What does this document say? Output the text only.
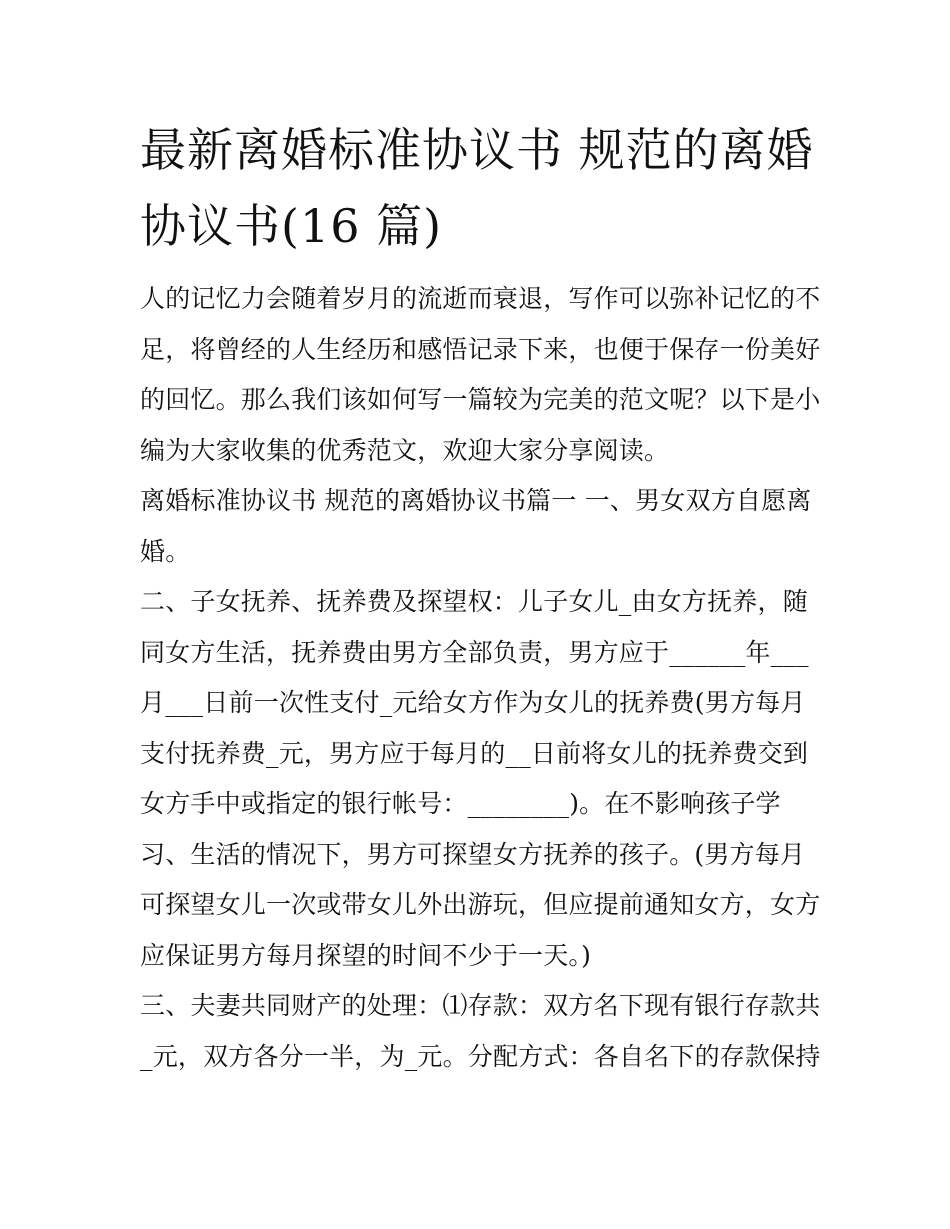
最新离婚标准协议书 规范的离婚协议书(16 篇)

人的记忆力会随着岁月的流逝而衰退，写作可以弥补记忆的不足，将曾经的人生经历和感悟记录下来，也便于保存一份美好的回忆。那么我们该如何写一篇较为完美的范文呢？以下是小编为大家收集的优秀范文，欢迎大家分享阅读。

离婚标准协议书 规范的离婚协议书篇一 一、男女双方自愿离婚。

二、子女抚养、抚养费及探望权：儿子女儿_由女方抚养，随同女方生活，抚养费由男方全部负责，男方应于______年___月___日前一次性支付_元给女方作为女儿的抚养费(男方每月支付抚养费_元，男方应于每月的__日前将女儿的抚养费交到女方手中或指定的银行帐号：________)。在不影响孩子学习、生活的情况下，男方可探望女方抚养的孩子。(男方每月可探望女儿一次或带女儿外出游玩，但应提前通知女方，女方应保证男方每月探望的时间不少于一天。)

三、夫妻共同财产的处理：⑴存款：双方名下现有银行存款共_元，双方各分一半，为_元。分配方式：各自名下的存款保持
